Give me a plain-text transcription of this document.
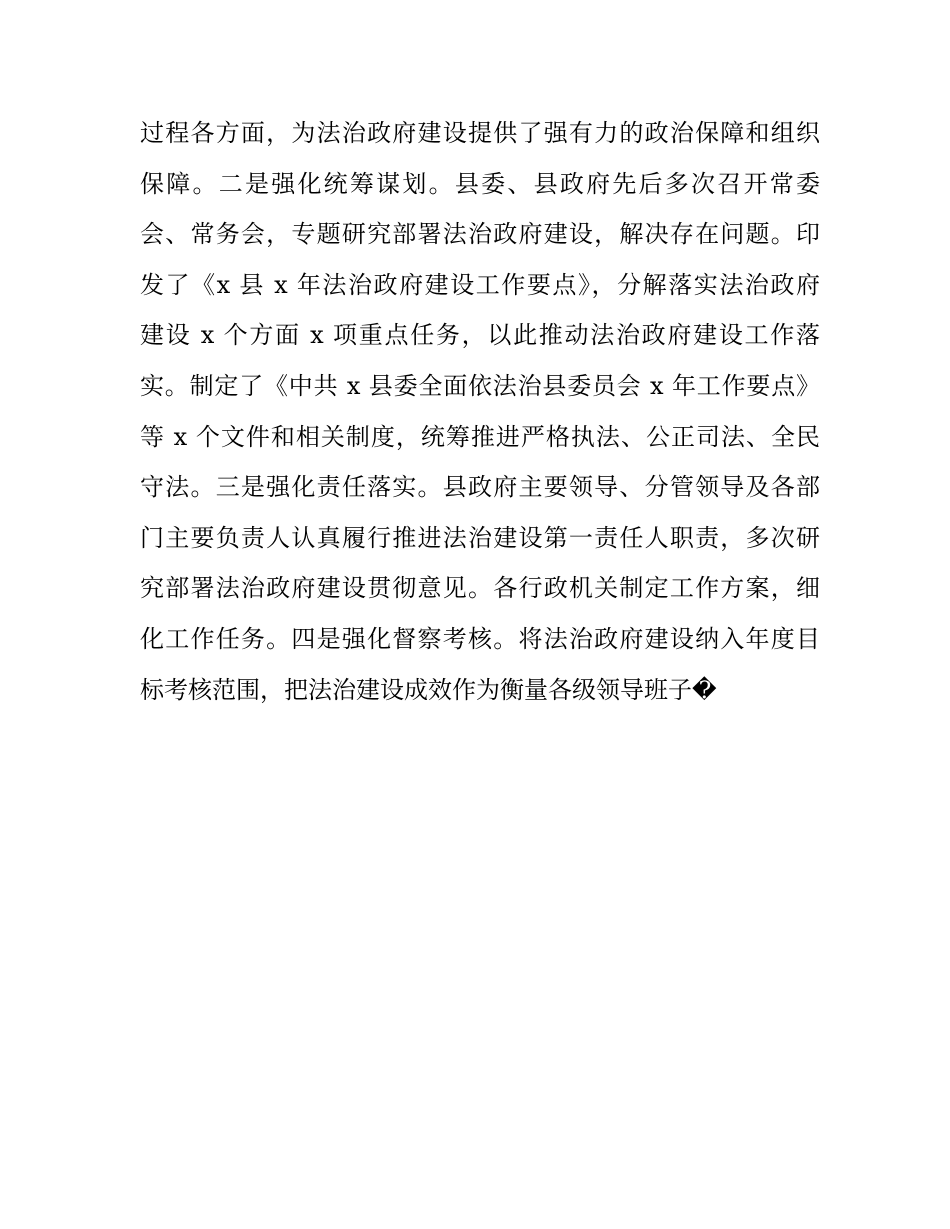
过程各方面，为法治政府建设提供了强有力的政治保障和组织
保障。二是强化统筹谋划。县委、县政府先后多次召开常委
会、常务会，专题研究部署法治政府建设，解决存在问题。印
发了《x 县 x 年法治政府建设工作要点》，分解落实法治政府
建设 x 个方面 x 项重点任务，以此推动法治政府建设工作落
实。制定了《中共 x 县委全面依法治县委员会 x 年工作要点》
等 x 个文件和相关制度，统筹推进严格执法、公正司法、全民
守法。三是强化责任落实。县政府主要领导、分管领导及各部
门主要负责人认真履行推进法治建设第一责任人职责，多次研
究部署法治政府建设贯彻意见。各行政机关制定工作方案，细
化工作任务。四是强化督察考核。将法治政府建设纳入年度目
标考核范围，把法治建设成效作为衡量各级领导班子�
